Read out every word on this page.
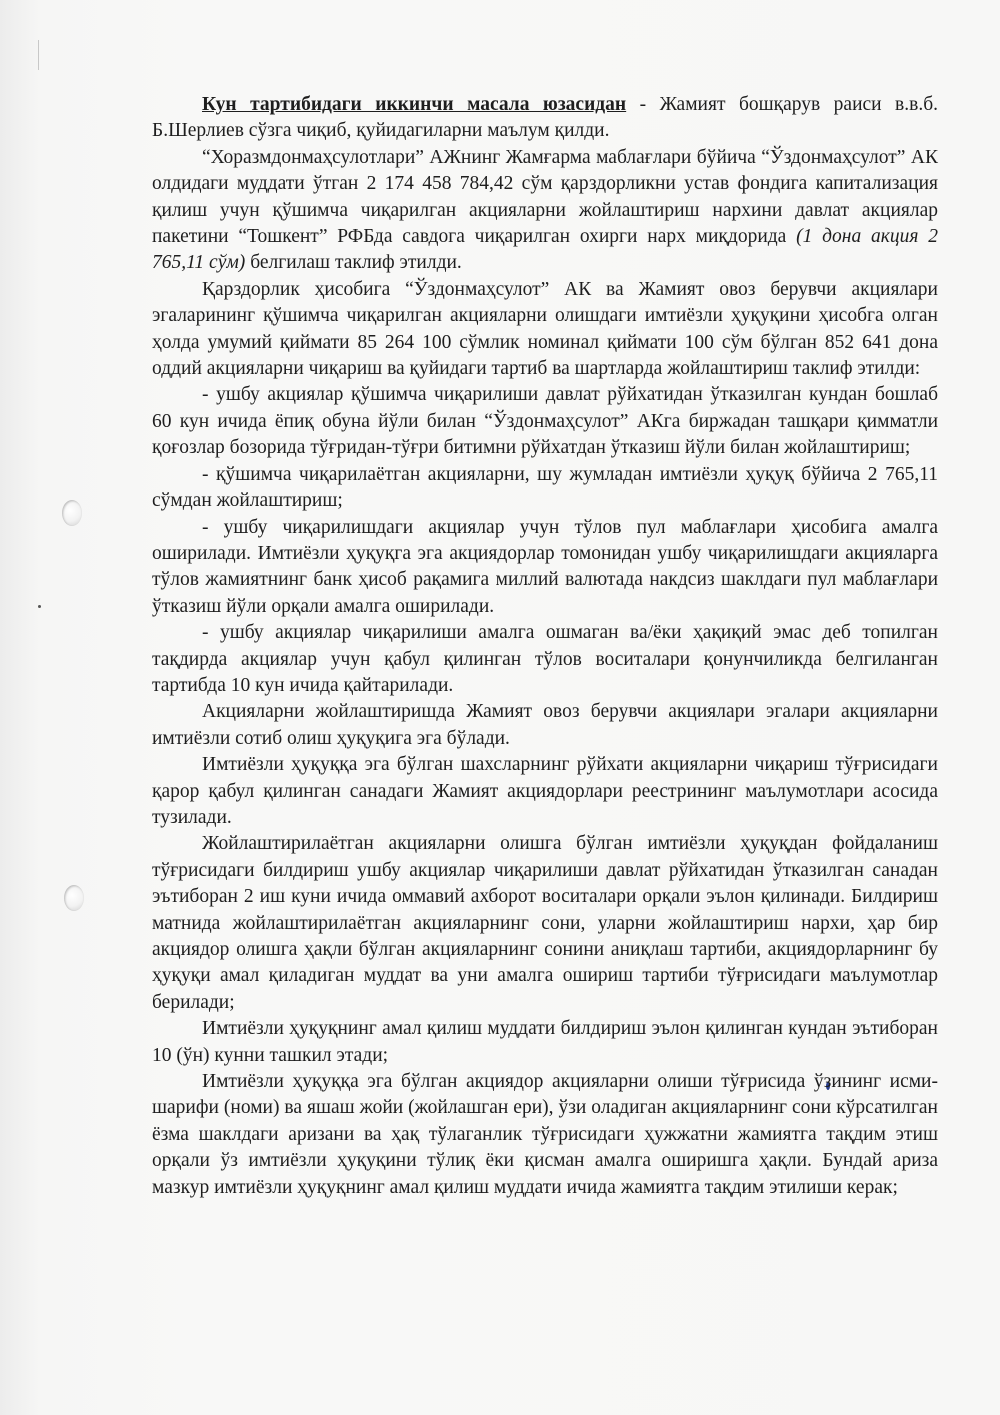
Кун тартибидаги иккинчи масала юзасидан - Жамият бошқарув раиси в.в.б. Б.Шерлиев сўзга чиқиб, қуйидагиларни маълум қилди.

“Хоразмдонмаҳсулотлари” АЖнинг Жамғарма маблағлари бўйича “Ўздонмаҳсулот” АК олдидаги муддати ўтган 2 174 458 784,42 сўм қарздорликни устав фондига капитализация қилиш учун қўшимча чиқарилган акцияларни жойлаштириш нархини давлат акциялар пакетини “Тошкент” РФБда савдога чиқарилган охирги нарх миқдорида (1 дона акция 2 765,11 сўм) белгилаш таклиф этилди.

Қарздорлик ҳисобига “Ўздонмаҳсулот” АК ва Жамият овоз берувчи акциялари эгаларининг қўшимча чиқарилган акцияларни олишдаги имтиёзли ҳуқуқини ҳисобга олган ҳолда умумий қиймати 85 264 100 сўмлик номинал қиймати 100 сўм бўлган 852 641 дона оддий акцияларни чиқариш ва қуйидаги тартиб ва шартларда жойлаштириш таклиф этилди:

- ушбу акциялар қўшимча чиқарилиши давлат рўйхатидан ўтказилган кундан бошлаб 60 кун ичида ёпиқ обуна йўли билан “Ўздонмаҳсулот” АКга биржадан ташқари қимматли қоғозлар бозорида тўғридан-тўғри битимни рўйхатдан ўтказиш йўли билан жойлаштириш;

- қўшимча чиқарилаётган акцияларни, шу жумладан имтиёзли ҳуқуқ бўйича 2 765,11 сўмдан жойлаштириш;

- ушбу чиқарилишдаги акциялар учун тўлов пул маблағлари ҳисобига амалга оширилади. Имтиёзли ҳуқуқга эга акциядорлар томонидан ушбу чиқарилишдаги акцияларга тўлов жамиятнинг банк ҳисоб рақамига миллий валютада накдсиз шаклдаги пул маблағлари ўтказиш йўли орқали амалга оширилади.

- ушбу акциялар чиқарилиши амалга ошмаган ва/ёки ҳақиқий эмас деб топилган тақдирда акциялар учун қабул қилинган тўлов воситалари қонунчиликда белгиланган тартибда 10 кун ичида қайтарилади.

Акцияларни жойлаштиришда Жамият овоз берувчи акциялари эгалари акцияларни имтиёзли сотиб олиш ҳуқуқига эга бўлади.

Имтиёзли ҳуқуққа эга бўлган шахсларнинг рўйхати акцияларни чиқариш тўғрисидаги қарор қабул қилинган санадаги Жамият акциядорлари реестрининг маълумотлари асосида тузилади.

Жойлаштирилаётган акцияларни олишга бўлган имтиёзли ҳуқуқдан фойдаланиш тўғрисидаги билдириш ушбу акциялар чиқарилиши давлат рўйхатидан ўтказилган санадан эътиборан 2 иш куни ичида оммавий ахборот воситалари орқали эълон қилинади. Билдириш матнида жойлаштирилаётган акцияларнинг сони, уларни жойлаштириш нархи, ҳар бир акциядор олишга ҳақли бўлган акцияларнинг сонини аниқлаш тартиби, акциядорларнинг бу ҳуқуқи амал қиладиган муддат ва уни амалга ошириш тартиби тўғрисидаги маълумотлар берилади;

Имтиёзли ҳуқуқнинг амал қилиш муддати билдириш эълон қилинган кундан эътиборан 10 (ўн) кунни ташкил этади;

Имтиёзли ҳуқуққа эга бўлган акциядор акцияларни олиши тўғрисида ўзининг исми-шарифи (номи) ва яшаш жойи (жойлашган ери), ўзи оладиган акцияларнинг сони кўрсатилган ёзма шаклдаги аризани ва ҳақ тўлаганлик тўғрисидаги ҳужжатни жамиятга тақдим этиш орқали ўз имтиёзли ҳуқуқини тўлиқ ёки қисман амалга оширишга ҳақли. Бундай ариза мазкур имтиёзли ҳуқуқнинг амал қилиш муддати ичида жамиятга тақдим этилиши керак;
